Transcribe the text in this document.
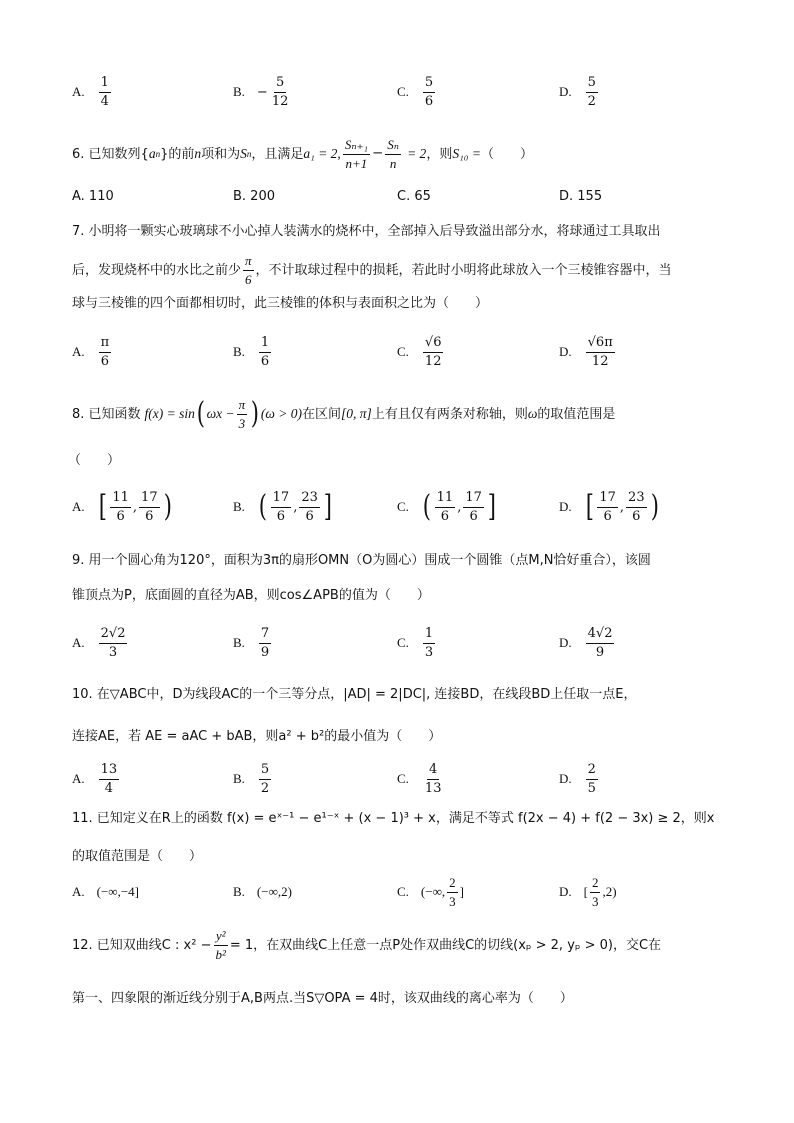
A. $\frac{1}{4}$	B. − $\frac{5}{12}$	C. $\frac{5}{6}$	D. $\frac{5}{2}$
6. 已知数列{ a n }的前 n 项和为 S n ，且满足 a₁ = 2, $\frac{\text{Sₙ₊₁}}{n+1} - \frac{\text{Sₙ}}{n} = 2$ ，则 S₁₀ = （　　）
A. 110	B. 200	C. 65	D. 155
7. 小明将一颗实心玻璃球不小心掉人装满水的烧杯中，全部掉入后导致溢出部分水，将球通过工具取出
后，发现烧杯中的水比之前少 $\frac{\pi}{6}$ ，不计取球过程中的损耗，若此时小明将此球放入一个三棱锥容器中，当
球与三棱锥的四个面都相切时，此三棱锥的体积与表面积之比为（　　）
A. $\frac{\pi}{6}$	B. $\frac{1}{6}$	C. $\frac{√6}{12}$	D. $\frac{√6\pi}{12}$
8. 已知函数 f(x) = sin ( $\omega x - \frac{\pi}{3}$ ) (ω > 0) 在区间 [0, π] 上有且仅有两条对称轴，则 ω 的取值范围是
（　　）
A. [ $\frac{11}{6}$ , $\frac{17}{6}$ )	B. ( $\frac{17}{6}$ , $\frac{23}{6}$ ]	C. ( $\frac{11}{6}$ , $\frac{17}{6}$ ]	D. [ $\frac{17}{6}$ , $\frac{23}{6}$ )
9. 用一个圆心角为120°，面积为3π的扇形OMN（O为圆心）围成一个圆锥（点M,N恰好重合），该圆
锥顶点为P，底面圆的直径为AB，则cos∠APB的值为（　　）
A. $\frac{2√2}{3}$	B. $\frac{7}{9}$	C. $\frac{1}{3}$	D. $\frac{4√2}{9}$
10. 在▽ABC中，D为线段AC的一个三等分点，|AD| = 2|DC|, 连接BD，在线段BD上任取一点E，
连接AE，若 AE = aAC + bAB，则a² + b²的最小值为（　　）
A. $\frac{13}{4}$	B. $\frac{5}{2}$	C. $\frac{4}{13}$	D. $\frac{2}{5}$
11. 已知定义在R上的函数 f(x) = eˣ⁻¹ − e¹⁻ˣ + (x − 1)³ + x，满足不等式 f(2x − 4) + f(2 − 3x) ≥ 2，则x
的取值范围是（　　）
A. (−∞,−4]	B. (−∞,2)	C. (−∞, $\frac{2}{3}$ ]	D. [ $\frac{2}{3} ,2$)
12. 已知双曲线C : $x^2 - \frac{\text{y²}}{\text{b²}} = 1$，在双曲线C上任意一点P处作双曲线C的切线(xₚ > 2, yₚ > 0)，交C在
第一、四象限的渐近线分别于A,B两点.当S▽OPA = 4时，该双曲线的离心率为（　　）
